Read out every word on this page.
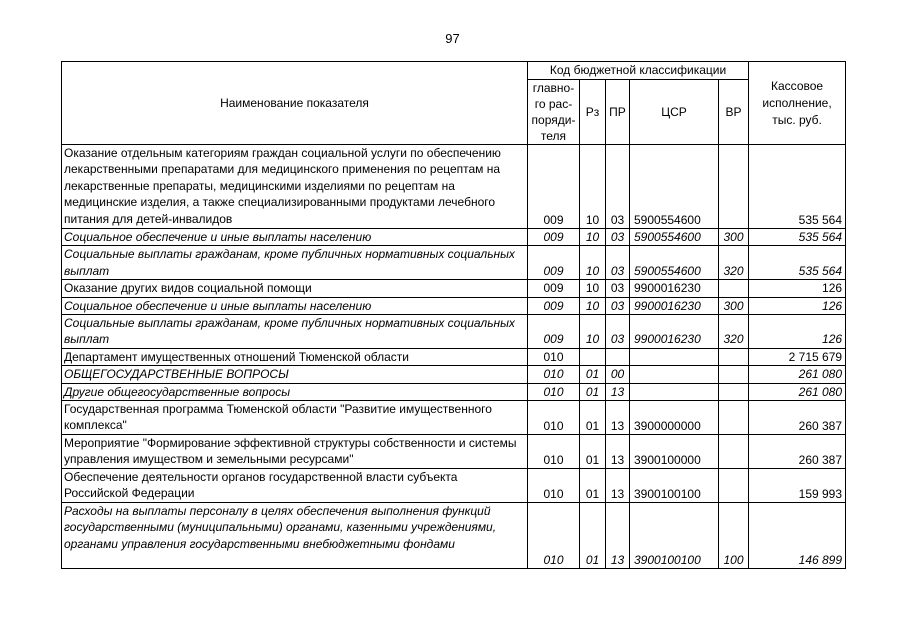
97
Наименование показателя	Код бюджетной классификации					Кассовое исполнение, тыс. руб.
	главно-го рас-поряди-теля	Рз	ПР	ЦСР	ВР	
Оказание отдельным категориям граждан социальной услуги по обеспечению лекарственными препаратами для медицинского применения по рецептам на лекарственные препараты, медицинскими изделиями по рецептам на медицинские изделия, а также специализированными продуктами лечебного питания для детей-инвалидов	009	10	03	5900554600		535 564
Социальное обеспечение и иные выплаты населению	009	10	03	5900554600	300	535 564
Социальные выплаты гражданам, кроме публичных нормативных социальных выплат	009	10	03	5900554600	320	535 564
Оказание других видов социальной помощи	009	10	03	9900016230		126
Социальное обеспечение и иные выплаты населению	009	10	03	9900016230	300	126
Социальные выплаты гражданам, кроме публичных нормативных социальных выплат	009	10	03	9900016230	320	126
Департамент имущественных отношений Тюменской области	010					2 715 679
ОБЩЕГОСУДАРСТВЕННЫЕ ВОПРОСЫ	010	01	00			261 080
Другие общегосударственные вопросы	010	01	13			261 080
Государственная программа Тюменской области "Развитие имущественного комплекса"	010	01	13	3900000000		260 387
Мероприятие "Формирование эффективной структуры собственности и системы управления имуществом и земельными ресурсами"	010	01	13	3900100000		260 387
Обеспечение деятельности органов государственной власти субъекта Российской Федерации	010	01	13	3900100100		159 993
Расходы на выплаты персоналу в целях обеспечения выполнения функций государственными (муниципальными) органами, казенными учреждениями, органами управления государственными внебюджетными фондами	010	01	13	3900100100	100	146 899
